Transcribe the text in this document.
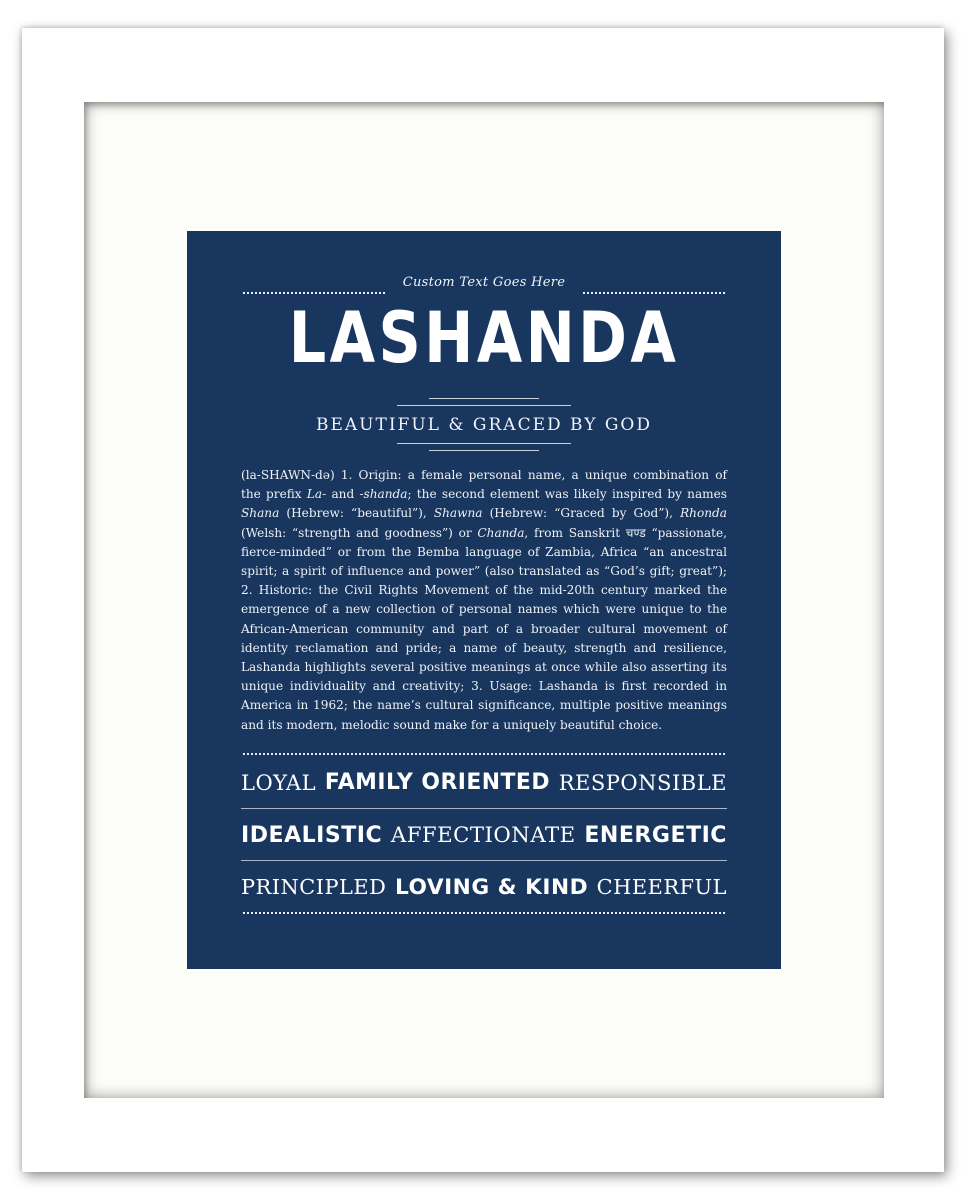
Custom Text Goes Here
LASHANDA
BEAUTIFUL & GRACED BY GOD

(la-SHAWN-də) 1. Origin: a female personal name, a unique combination of the prefix La- and -shanda; the second element was likely inspired by names Shana (Hebrew: “beautiful”), Shawna (Hebrew: “Graced by God”), Rhonda (Welsh: “strength and goodness”) or Chanda, from Sanskrit चण्ड “passionate, fierce-minded” or from the Bemba language of Zambia, Africa “an ancestral spirit; a spirit of influence and power” (also translated as “God’s gift; great”); 2. Historic: the Civil Rights Movement of the mid-20th century marked the emergence of a new collection of personal names which were unique to the African-American community and part of a broader cultural movement of identity reclamation and pride; a name of beauty, strength and resilience, Lashanda highlights several positive meanings at once while also asserting its unique individuality and creativity; 3. Usage: Lashanda is first recorded in America in 1962; the name’s cultural significance, multiple positive meanings and its modern, melodic sound make for a uniquely beautiful choice.

LOYAL FAMILY ORIENTED RESPONSIBLE
IDEALISTIC AFFECTIONATE ENERGETIC
PRINCIPLED LOVING & KIND CHEERFUL
